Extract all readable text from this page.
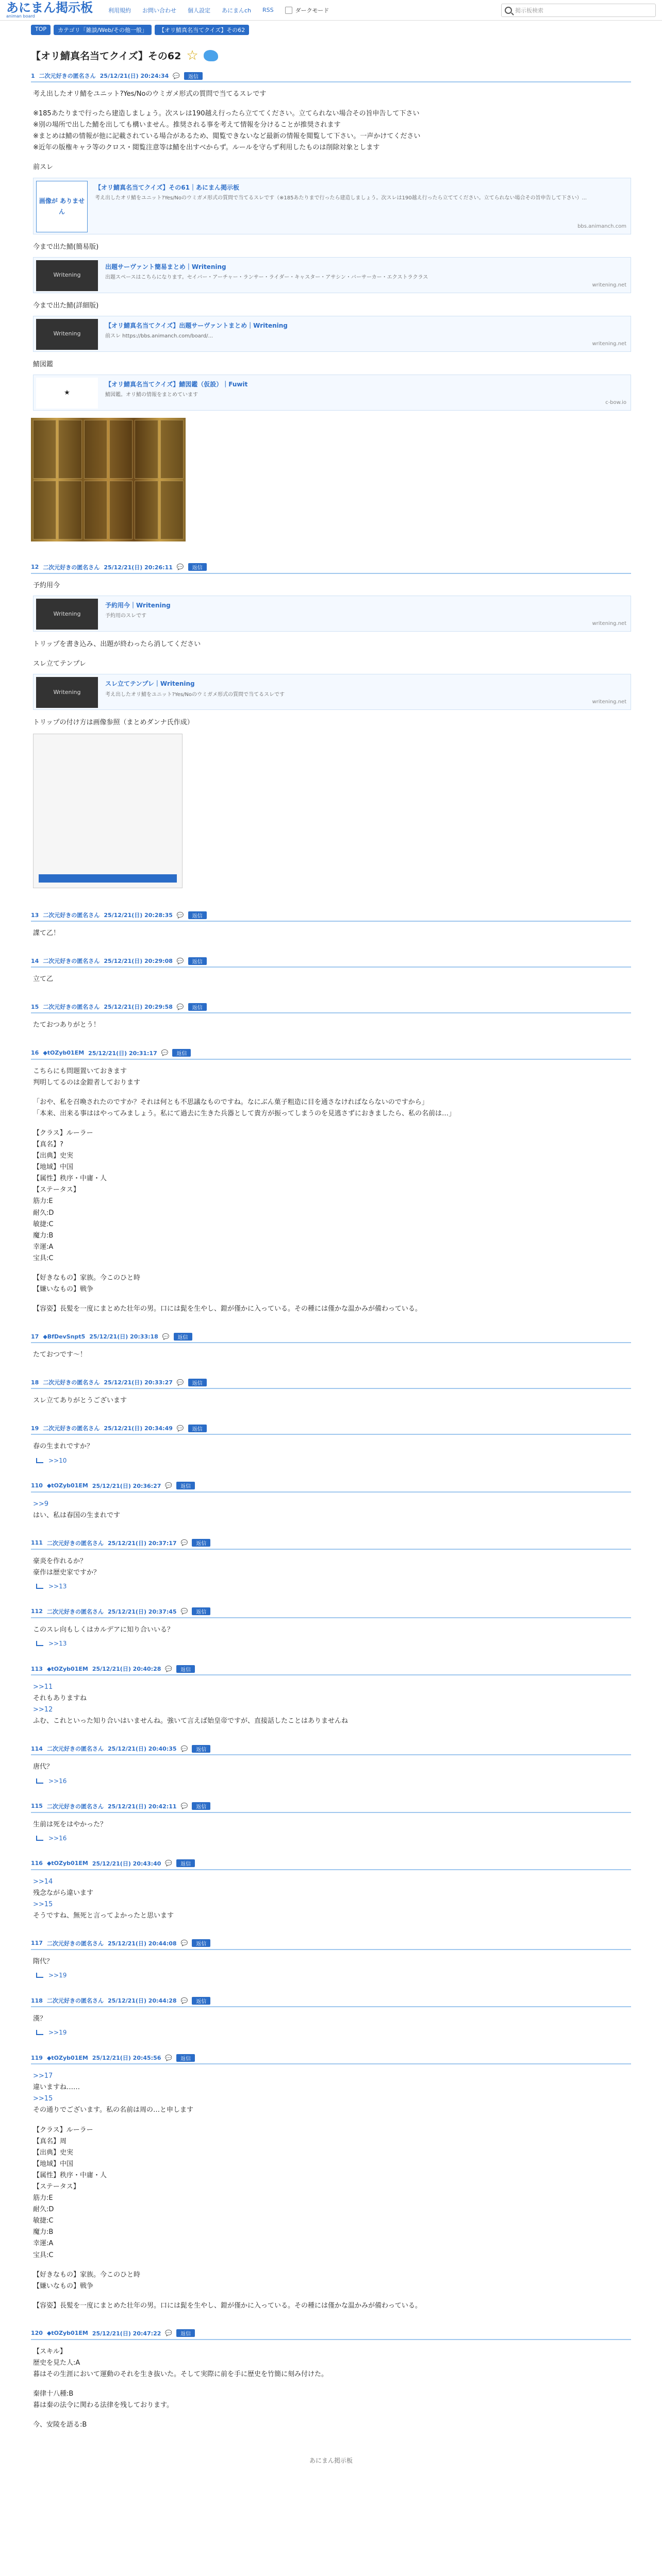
あにまん掲示板
animan board
利用規約 お問い合わせ 個人設定 あにまんch RSS	ダークモード	掲示板検索
TOP	カテゴリ「雑談/Web/その他一般」	【オリ鯖真名当てクイズ】その62
【オリ鯖真名当てクイズ】その62 ☆
1 二次元好きの匿名さん 25/12/21(日) 20:24:34 💬	返信

考え出したオリ鯖をユニット?Yes/Noのウミガメ形式の質問で当てるスレです

※185あたりまで行ったら建造しましょう。次スレは190越え行ったら立ててください。立てられない場合その旨申告して下さい

※別の場所で出した鯖を出しても構いません。推奨される事を考えて情報を分けることが推奨されます

※まとめは鯖の情報が他に記載されている場合があるため、閲覧できないなど最新の情報を閲覧して下さい。一声かけてください

※近年の版権キャラ等のクロス・閲覧注意等は鯖を出すべからず。ルールを守らず利用したものは削除対象とします

前スレ

画像が ありません
【オリ鯖真名当てクイズ】その61｜あにまん掲示板
考え出したオリ鯖をユニット?Yes/Noのウミガメ形式の質問で当てるスレです（※185あたりまで行ったら建造しましょう。次スレは190越え行ったら立ててください。立てられない場合その旨申告して下さい）...
bbs.animanch.com

今まで出た鯖(簡易版)

Writening
出題サーヴァント簡易まとめ｜Writening
出題スペースはこちらになります。セイバー・アーチャー・ランサー・ライダー・キャスター・アサシン・バーサーカー・エクストラクラス
writening.net

今まで出た鯖(詳細版)

Writening
【オリ鯖真名当てクイズ】出題サーヴァントまとめ｜Writening
前スレ https://bbs.animanch.com/board/...
writening.net

鯖図鑑

★
【オリ鯖真名当てクイズ】鯖図鑑（仮設）｜Fuwit
鯖図鑑。オリ鯖の情報をまとめています
c-bow.io
12 二次元好きの匿名さん 25/12/21(日) 20:26:11 💬	返信

予約用今

Writening
予約用今｜Writening
予約用のスレです
writening.net

トリップを書き込み、出題が終わったら消してください

スレ立てテンプレ

Writening
スレ立てテンプレ｜Writening
考え出したオリ鯖をユニット?Yes/Noのウミガメ形式の質問で当てるスレです
writening.net

トリップの付け方は画像参照（まとめダンナ氏作成）

13 二次元好きの匿名さん 25/12/21(日) 20:28:35 💬	返信

諜て乙！

14 二次元好きの匿名さん 25/12/21(日) 20:29:08 💬	返信

立て乙

15 二次元好きの匿名さん 25/12/21(日) 20:29:58 💬	返信

たておつありがとう！

16 ◆tOZyb01EM 25/12/21(日) 20:31:17 💬	返信

こちらにも問題置いておきます

判明してるのは金鎧者しております

「おや、私を召喚されたのですか？それは何とも不思議なものですね。なにぶん菓子粗造に目を通さなければならないのですから」

「本来、出来る事ははやってみましょう。私にて過去に生きた兵器として貴方が振ってしまうのを見逃さずにおきましたら、私の名前は…」

【クラス】ルーラー

【真名】?

【出典】史実

【地域】中国

【属性】秩序・中庸・人

【ステータス】

筋力:E

耐久:D

敏捷:C

魔力:B

幸運:A

宝具:C

【好きなもの】家族。今このひと時

【嫌いなもの】戦争

【容姿】長髪を一度にまとめた壮年の男。口には髭を生やし、鎧が僅かに入っている。その種には僅かな温かみが備わっている。

17 ◆BfDevSnpt5 25/12/21(日) 20:33:18 💬	返信

たておつです～！

18 二次元好きの匿名さん 25/12/21(日) 20:33:27 💬	返信

スレ立てありがとうございます

19 二次元好きの匿名さん 25/12/21(日) 20:34:49 💬	返信

春の生まれですか？

>>10
110 ◆tOZyb01EM 25/12/21(日) 20:36:27 💬	返信

>>9

はい、私は春国の生まれです

111 二次元好きの匿名さん 25/12/21(日) 20:37:17 💬	返信

豪炎を作れるか？

豪作は歴史家ですか？

>>13
112 二次元好きの匿名さん 25/12/21(日) 20:37:45 💬	返信

このスレ向もしくはカルデアに知り合いいる？

>>13
113 ◆tOZyb01EM 25/12/21(日) 20:40:28 💬	返信

>>11

それもありますね

>>12

ふむ、これといった知り合いはいませんね。強いて言えば始皇帝ですが、直接話したことはありませんね

114 二次元好きの匿名さん 25/12/21(日) 20:40:35 💬	返信

唐代？

>>16
115 二次元好きの匿名さん 25/12/21(日) 20:42:11 💬	返信

生前は死をはやかった？

>>16
116 ◆tOZyb01EM 25/12/21(日) 20:43:40 💬	返信

>>14

残念ながら違います

>>15

そうですね、無死と言ってよかったと思います

117 二次元好きの匿名さん 25/12/21(日) 20:44:08 💬	返信

隋代？

>>19
118 二次元好きの匿名さん 25/12/21(日) 20:44:28 💬	返信

漢？

>>19
119 ◆tOZyb01EM 25/12/21(日) 20:45:56 💬	返信

>>17

違いますね……

>>15

その通りでございます。私の名前は周の…と申します

【クラス】ルーラー

【真名】周

【出典】史実

【地域】中国

【属性】秩序・中庸・人

【ステータス】

筋力:E

耐久:D

敏捷:C

魔力:B

幸運:A

宝具:C

【好きなもの】家族。今このひと時

【嫌いなもの】戦争

【容姿】長髪を一度にまとめた壮年の男。口には髭を生やし、鎧が僅かに入っている。その種には僅かな温かみが備わっている。

120 ◆tOZyb01EM 25/12/21(日) 20:47:22 💬	返信

【スキル】

歴史を見た人:A

暮はその生涯において運動のそれを生き抜いた。そして実際に前を手に歴史を竹簡に刻み付けた。

秦律十八種:B

暮は秦の法令に関わる法律を残しております。

今、安陵を語る:B

あにまん掲示板
